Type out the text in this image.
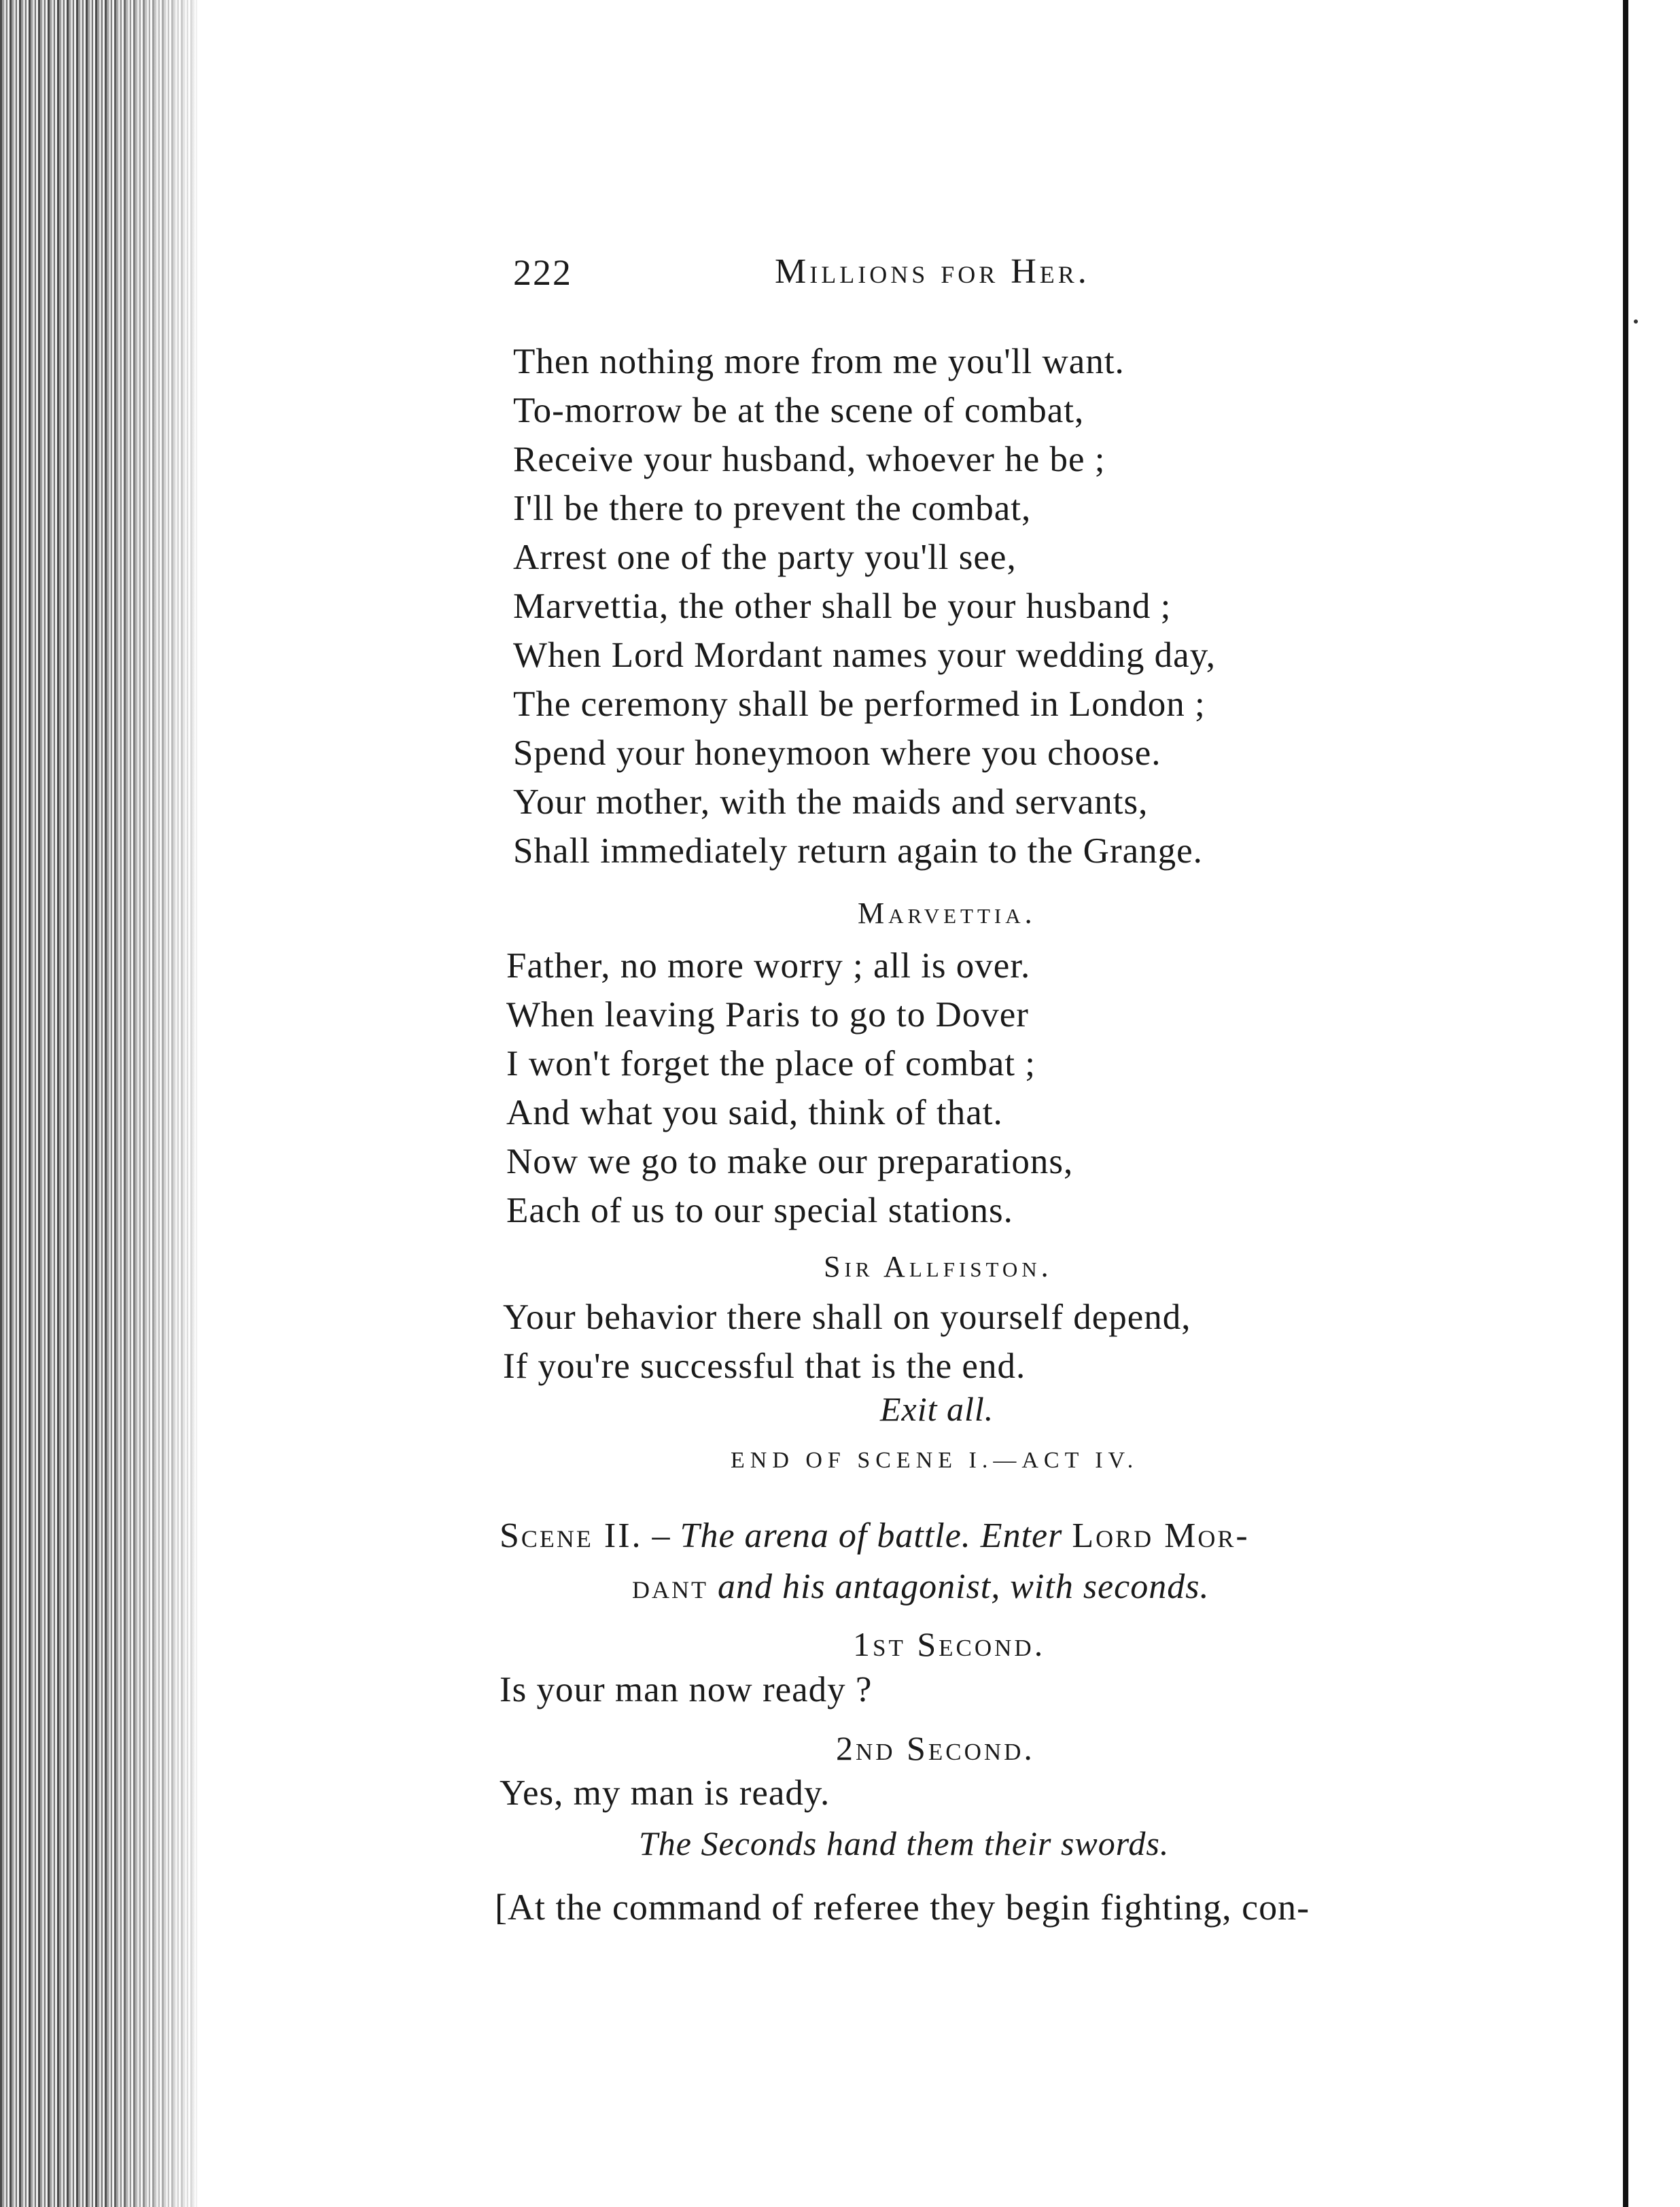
222	Millions for Her.
Then nothing more from me you'll want.
To-morrow be at the scene of combat,
Receive your husband, whoever he be ;
I'll be there to prevent the combat,
Arrest one of the party you'll see,
Marvettia, the other shall be your husband ;
When Lord Mordant names your wedding day,
The ceremony shall be performed in London ;
Spend your honeymoon where you choose.
Your mother, with the maids and servants,
Shall immediately return again to the Grange.
Marvettia.
Father, no more worry ; all is over.
When leaving Paris to go to Dover
I won't forget the place of combat ;
And what you said, think of that.
Now we go to make our preparations,
Each of us to our special stations.
Sir Allfiston.
Your behavior there shall on yourself depend,
If you're successful that is the end.
Exit all.
END OF SCENE I.—ACT IV.
Scene II. – The arena of battle. Enter Lord Mor-
dant and his antagonist, with seconds.
1st Second.
Is your man now ready ?
2nd Second.
Yes, my man is ready.
The Seconds hand them their swords.
[At the command of referee they begin fighting, con-
